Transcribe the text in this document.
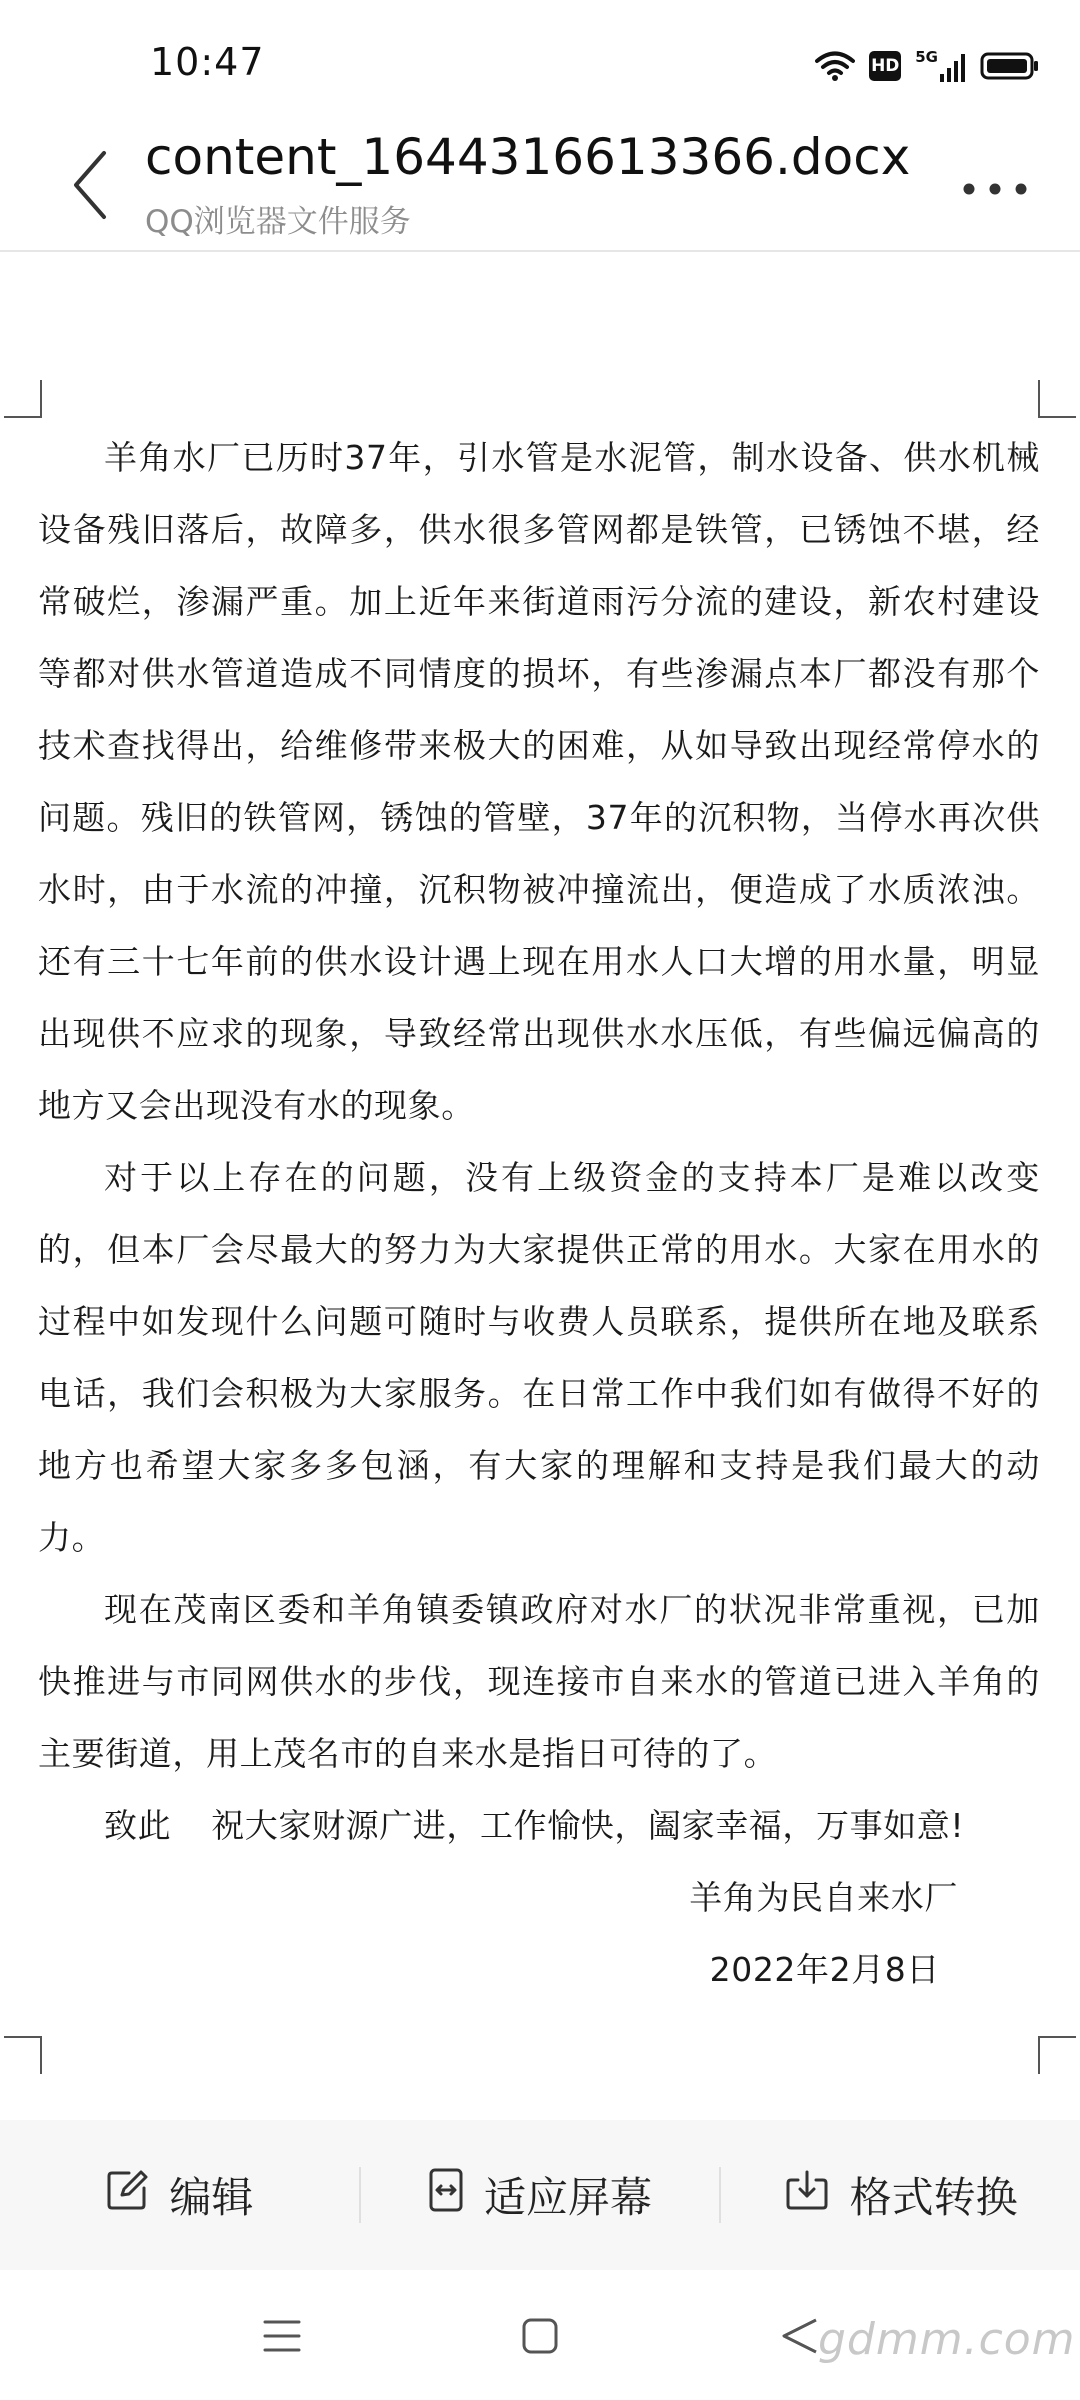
10:47	HD 5G
content_1644316613366.docx
QQ浏览器文件服务

羊角水厂已历时37年，引水管是水泥管，制水设备、供水机械设备残旧落后，故障多，供水很多管网都是铁管，已锈蚀不堪，经常破烂，渗漏严重。加上近年来街道雨污分流的建设，新农村建设等都对供水管道造成不同情度的损坏，有些渗漏点本厂都没有那个技术查找得出，给维修带来极大的困难，从如导致出现经常停水的问题。残旧的铁管网，锈蚀的管壁，37年的沉积物，当停水再次供水时，由于水流的冲撞，沉积物被冲撞流出，便造成了水质浓浊。还有三十七年前的供水设计遇上现在用水人口大增的用水量，明显出现供不应求的现象，导致经常出现供水水压低，有些偏远偏高的地方又会出现没有水的现象。

对于以上存在的问题，没有上级资金的支持本厂是难以改变的，但本厂会尽最大的努力为大家提供正常的用水。大家在用水的过程中如发现什么问题可随时与收费人员联系，提供所在地及联系电话，我们会积极为大家服务。在日常工作中我们如有做得不好的地方也希望大家多多包涵，有大家的理解和支持是我们最大的动力。

现在茂南区委和羊角镇委镇政府对水厂的状况非常重视，已加快推进与市同网供水的步伐，现连接市自来水的管道已进入羊角的主要街道，用上茂名市的自来水是指日可待的了。

致此 祝大家财源广进，工作愉快，阖家幸福，万事如意!
羊角为民自来水厂
2022年2月8日
编辑	适应屏幕	格式转换
gdmm.com
